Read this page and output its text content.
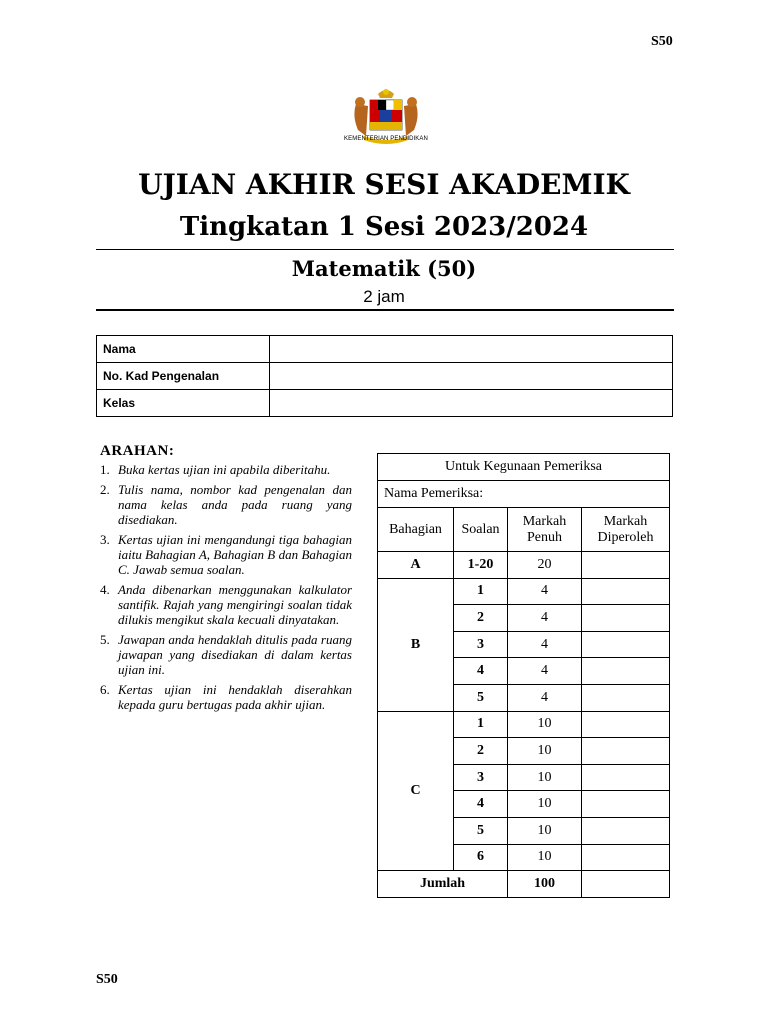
S50
KEMENTERIAN PENDIDIKAN
UJIAN AKHIR SESI AKADEMIK
Tingkatan 1 Sesi 2023/2024
Matematik (50)
2 jam
Nama	
No. Kad Pengenalan	
Kelas	
ARAHAN:
1. Buka kertas ujian ini apabila diberitahu.
2. Tulis nama, nombor kad pengenalan dan nama kelas anda pada ruang yang disediakan.
3. Kertas ujian ini mengandungi tiga bahagian iaitu Bahagian A, Bahagian B dan Bahagian C. Jawab semua soalan.
4. Anda dibenarkan menggunakan kalkulator santifik. Rajah yang mengiringi soalan tidak dilukis mengikut skala kecuali dinyatakan.
5. Jawapan anda hendaklah ditulis pada ruang jawapan yang disediakan di dalam kertas ujian ini.
6. Kertas ujian ini hendaklah diserahkan kepada guru bertugas pada akhir ujian.
Untuk Kegunaan Pemeriksa			
Nama Pemeriksa:			
Bahagian	Soalan	Markah Penuh	Markah Diperoleh
A	1-20	20	
B	1	4	
	2	4	
	3	4	
	4	4	
	5	4	
C	1	10	
	2	10	
	3	10	
	4	10	
	5	10	
	6	10	
Jumlah		100	
S50
